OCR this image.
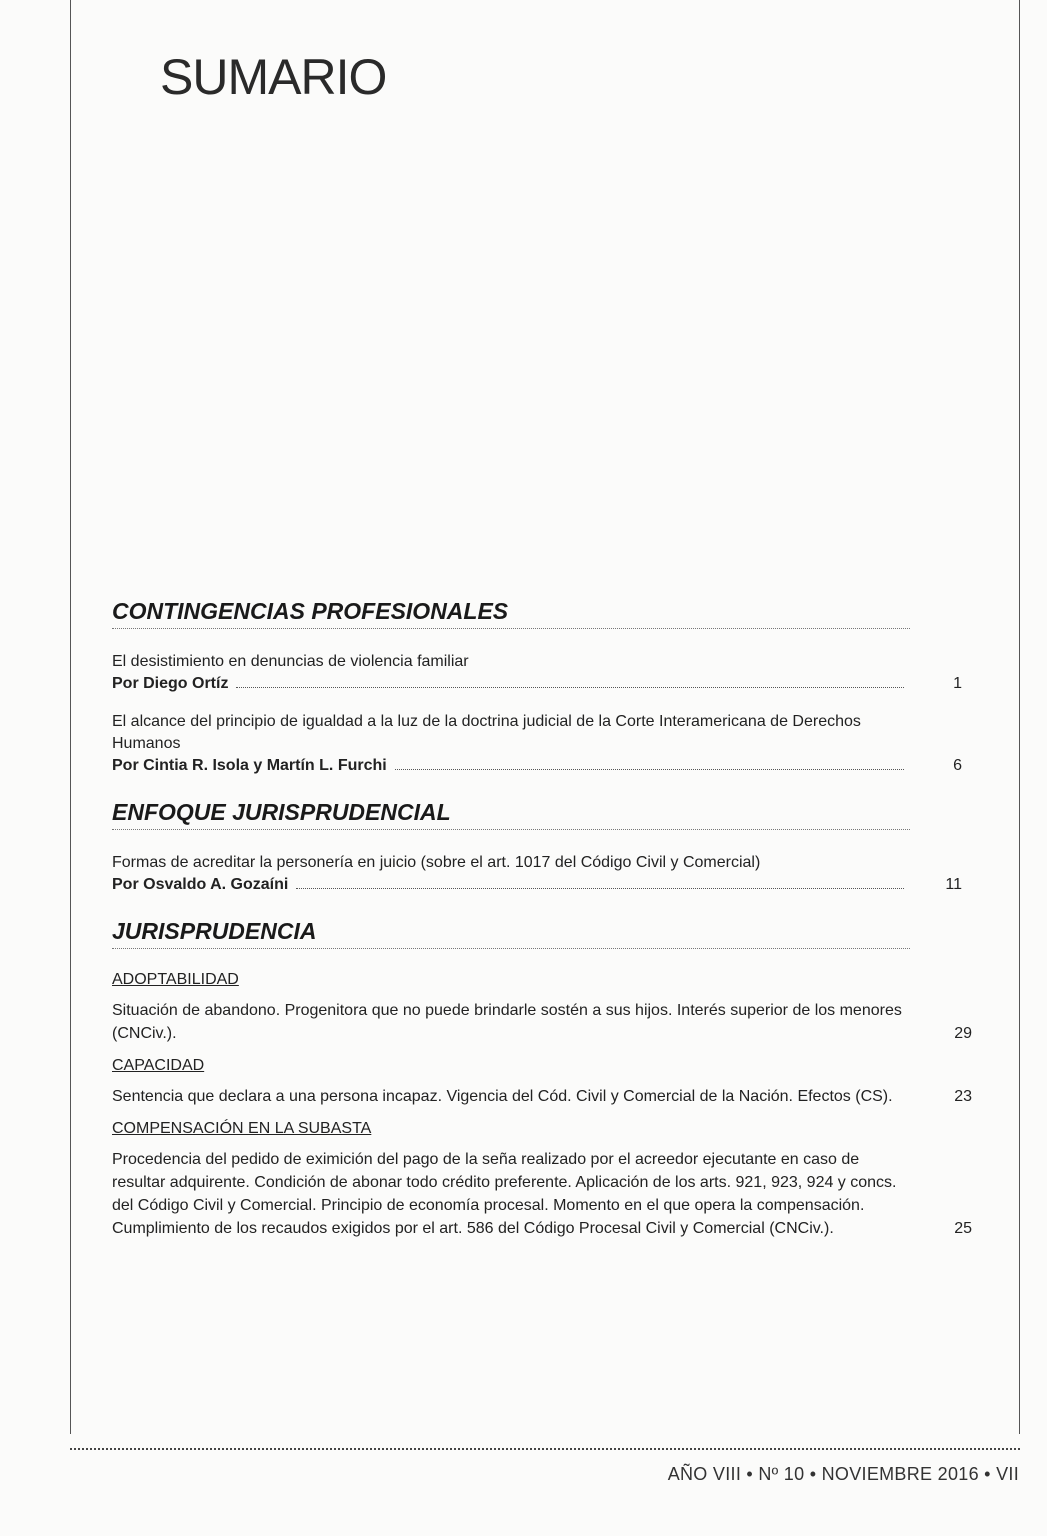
SUMARIO
CONTINGENCIAS PROFESIONALES
El desistimiento en denuncias de violencia familiar
Por Diego Ortíz	1
El alcance del principio de igualdad a la luz de la doctrina judicial de la Corte Interamericana de Derechos Humanos
Por Cintia R. Isola y Martín L. Furchi	6
ENFOQUE JURISPRUDENCIAL
Formas de acreditar la personería en juicio (sobre el art. 1017 del Código Civil y Comercial)
Por Osvaldo A. Gozaíni	11
JURISPRUDENCIA
ADOPTABILIDAD
Situación de abandono. Progenitora que no puede brindarle sostén a sus hijos. Interés superior de los menores (CNCiv.).	29
CAPACIDAD
Sentencia que declara a una persona incapaz. Vigencia del Cód. Civil y Comercial de la Nación. Efectos (CS).	23
COMPENSACIÓN EN LA SUBASTA
Procedencia del pedido de eximición del pago de la seña realizado por el acreedor ejecutante en caso de resultar adquirente. Condición de abonar todo crédito preferente. Aplicación de los arts. 921, 923, 924 y concs. del Código Civil y Comercial. Principio de economía procesal. Momento en el que opera la compensación. Cumplimiento de los recaudos exigidos por el art. 586 del Código Procesal Civil y Comercial (CNCiv.).	25
AÑO VIII • Nº 10 • NOVIEMBRE 2016 • VII
